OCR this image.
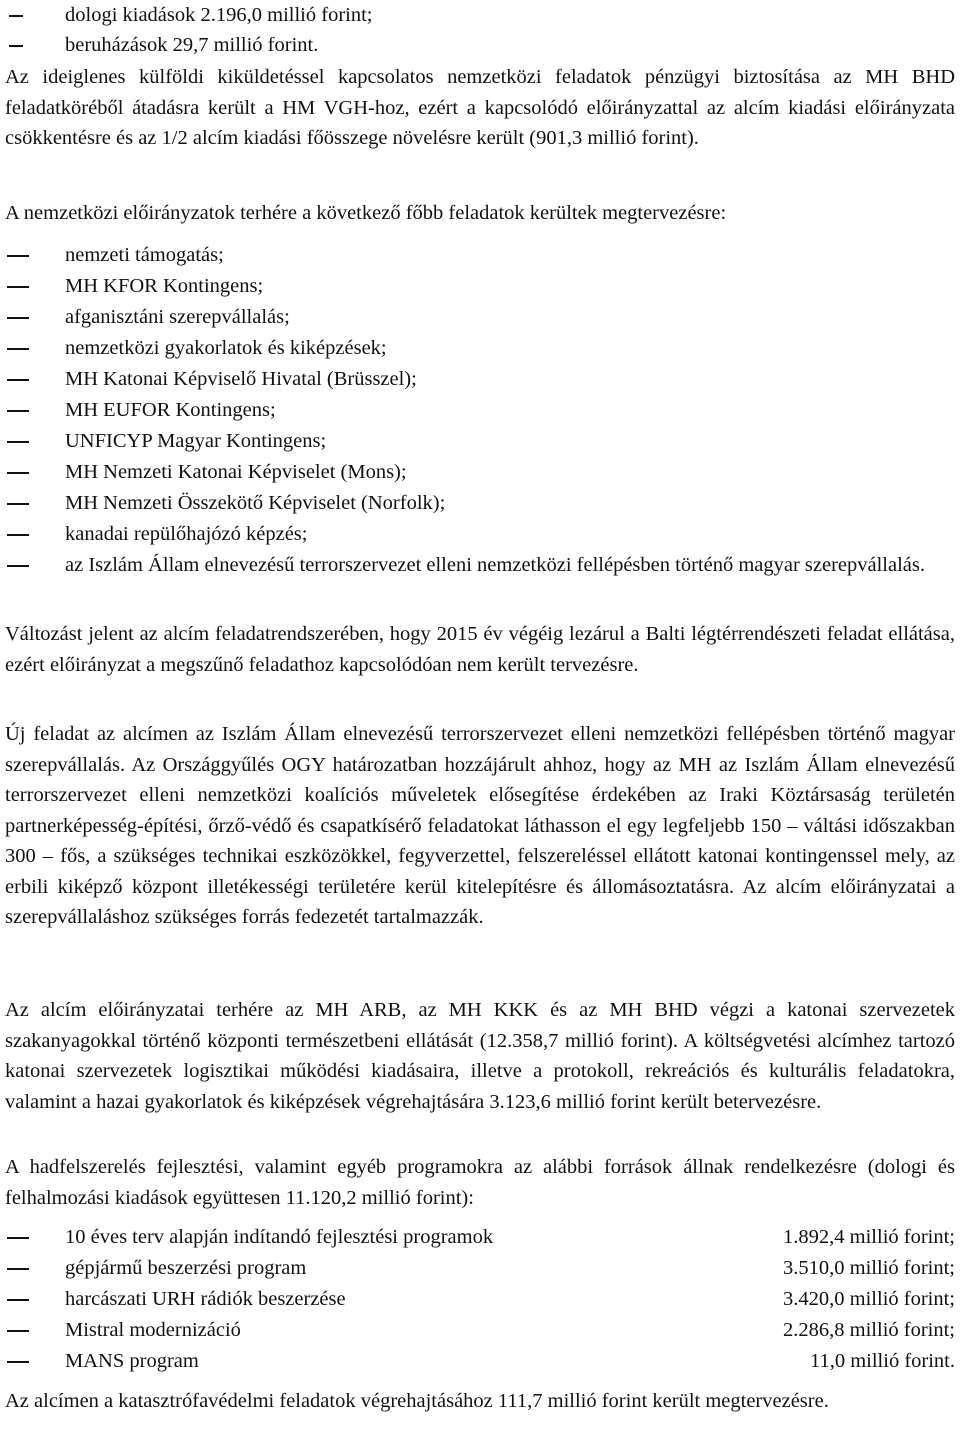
dologi kiadások 2.196,0 millió forint;
beruházások 29,7 millió forint.

Az ideiglenes külföldi kiküldetéssel kapcsolatos nemzetközi feladatok pénzügyi biztosítása az MH BHD feladatköréből átadásra került a HM VGH-hoz, ezért a kapcsolódó előirányzattal az alcím kiadási előirányzata csökkentésre és az 1/2 alcím kiadási főösszege növelésre került (901,3 millió forint).

A nemzetközi előirányzatok terhére a következő főbb feladatok kerültek megtervezésre:

nemzeti támogatás;
MH KFOR Kontingens;
afganisztáni szerepvállalás;
nemzetközi gyakorlatok és kiképzések;
MH Katonai Képviselő Hivatal (Brüsszel);
MH EUFOR Kontingens;
UNFICYP Magyar Kontingens;
MH Nemzeti Katonai Képviselet (Mons);
MH Nemzeti Összekötő Képviselet (Norfolk);
kanadai repülőhajózó képzés;
az Iszlám Állam elnevezésű terrorszervezet elleni nemzetközi fellépésben történő magyar szerepvállalás.

Változást jelent az alcím feladatrendszerében, hogy 2015 év végéig lezárul a Balti légtérrendészeti feladat ellátása, ezért előirányzat a megszűnő feladathoz kapcsolódóan nem került tervezésre.

Új feladat az alcímen az Iszlám Állam elnevezésű terrorszervezet elleni nemzetközi fellépésben történő magyar szerepvállalás. Az Országgyűlés OGY határozatban hozzájárult ahhoz, hogy az MH az Iszlám Állam elnevezésű terrorszervezet elleni nemzetközi koalíciós műveletek elősegítése érdekében az Iraki Köztársaság területén partnerképesség-építési, őrző-védő és csapatkísérő feladatokat láthasson el egy legfeljebb 150 – váltási időszakban 300 – fős, a szükséges technikai eszközökkel, fegyverzettel, felszereléssel ellátott katonai kontingenssel mely, az erbili kiképző központ illetékességi területére kerül kitelepítésre és állomásoztatásra. Az alcím előirányzatai a szerepvállaláshoz szükséges forrás fedezetét tartalmazzák.

Az alcím előirányzatai terhére az MH ARB, az MH KKK és az MH BHD végzi a katonai szervezetek szakanyagokkal történő központi természetbeni ellátását (12.358,7 millió forint). A költségvetési alcímhez tartozó katonai szervezetek logisztikai működési kiadásaira, illetve a protokoll, rekreációs és kulturális feladatokra, valamint a hazai gyakorlatok és kiképzések végrehajtására 3.123,6 millió forint került betervezésre.

A hadfelszerelés fejlesztési, valamint egyéb programokra az alábbi források állnak rendelkezésre (dologi és felhalmozási kiadások együttesen 11.120,2 millió forint):

10 éves terv alapján indítandó fejlesztési programok	1.892,4 millió forint;
gépjármű beszerzési program	3.510,0 millió forint;
harcászati URH rádiók beszerzése	3.420,0 millió forint;
Mistral modernizáció	2.286,8 millió forint;
MANS program	11,0 millió forint.

Az alcímen a katasztrófavédelmi feladatok végrehajtásához 111,7 millió forint került megtervezésre.
